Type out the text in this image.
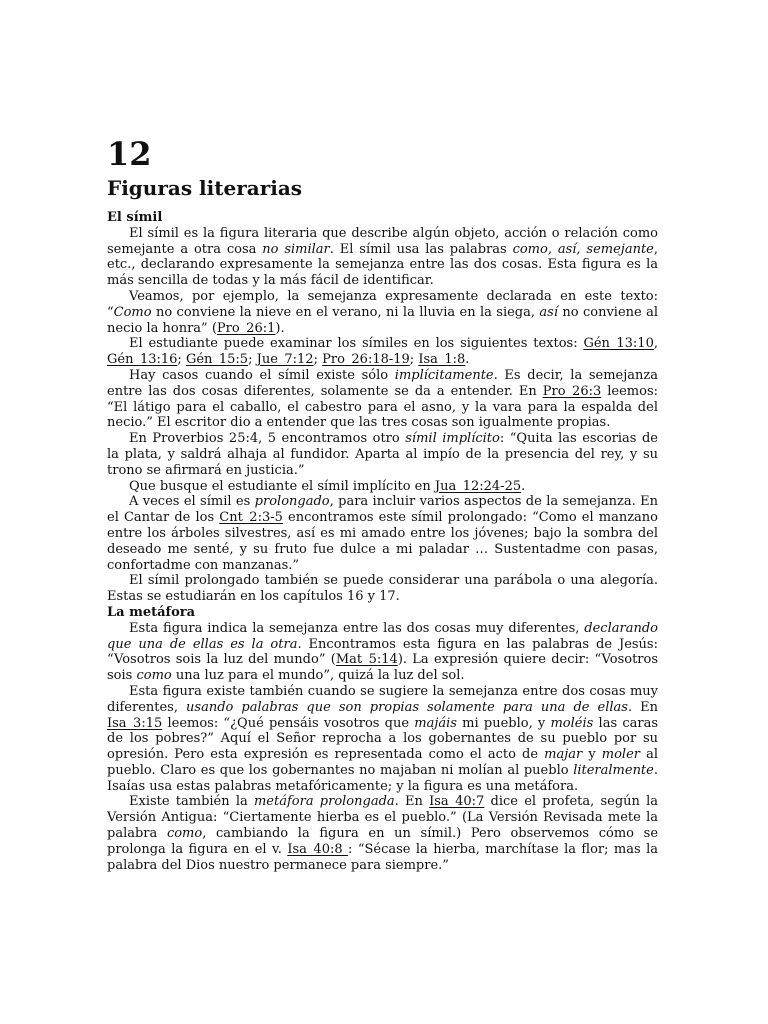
12
Figuras literarias

El símil

El símil es la figura literaria que describe algún objeto, acción o relación como semejante a otra cosa no similar. El símil usa las palabras como, así, semejante, etc., declarando expresamente la semejanza entre las dos cosas. Esta figura es la más sencilla de todas y la más fácil de identificar.

Veamos, por ejemplo, la semejanza expresamente declarada en este texto: “Como no conviene la nieve en el verano, ni la lluvia en la siega, así no conviene al necio la honra” (Pro_26:1).

El estudiante puede examinar los símiles en los siguientes textos: Gén_13:10, Gén_13:16; Gén_15:5; Jue_7:12; Pro_26:18-19; Isa_1:8.

Hay casos cuando el símil existe sólo implícitamente. Es decir, la semejanza entre las dos cosas diferentes, solamente se da a entender. En Pro_26:3 leemos: “El látigo para el caballo, el cabestro para el asno, y la vara para la espalda del necio.” El escritor dio a entender que las tres cosas son igualmente propias.

En Proverbios 25:4, 5 encontramos otro símil implícito: “Quita las escorias de la plata, y saldrá alhaja al fundidor. Aparta al impío de la presencia del rey, y su trono se afirmará en justicia.”

Que busque el estudiante el símil implícito en Jua_12:24-25.

A veces el símil es prolongado, para incluir varios aspectos de la semejanza. En el Cantar de los Cnt_2:3-5 encontramos este símil prolongado: “Como el manzano entre los árboles silvestres, así es mi amado entre los jóvenes; bajo la sombra del deseado me senté, y su fruto fue dulce a mi paladar … Sustentadme con pasas, confortadme con manzanas.”

El símil prolongado también se puede considerar una parábola o una alegoría. Estas se estudiarán en los capítulos 16 y 17.

La metáfora

Esta figura indica la semejanza entre las dos cosas muy diferentes, declarando que una de ellas es la otra. Encontramos esta figura en las palabras de Jesús: “Vosotros sois la luz del mundo” (Mat_5:14). La expresión quiere decir: “Vosotros sois como una luz para el mundo”, quizá la luz del sol.

Esta figura existe también cuando se sugiere la semejanza entre dos cosas muy diferentes, usando palabras que son propias solamente para una de ellas. En Isa_3:15 leemos: “¿Qué pensáis vosotros que majáis mi pueblo, y moléis las caras de los pobres?” Aquí el Señor reprocha a los gobernantes de su pueblo por su opresión. Pero esta expresión es representada como el acto de majar y moler al pueblo. Claro es que los gobernantes no majaban ni molían al pueblo literalmente. Isaías usa estas palabras metafóricamente; y la figura es una metáfora.

Existe también la metáfora prolongada. En Isa_40:7 dice el profeta, según la Versión Antigua: “Ciertamente hierba es el pueblo.” (La Versión Revisada mete la palabra como, cambiando la figura en un símil.) Pero observemos cómo se prolonga la figura en el v. Isa_40:8 : “Sécase la hierba, marchítase la flor; mas la palabra del Dios nuestro permanece para siempre.”
